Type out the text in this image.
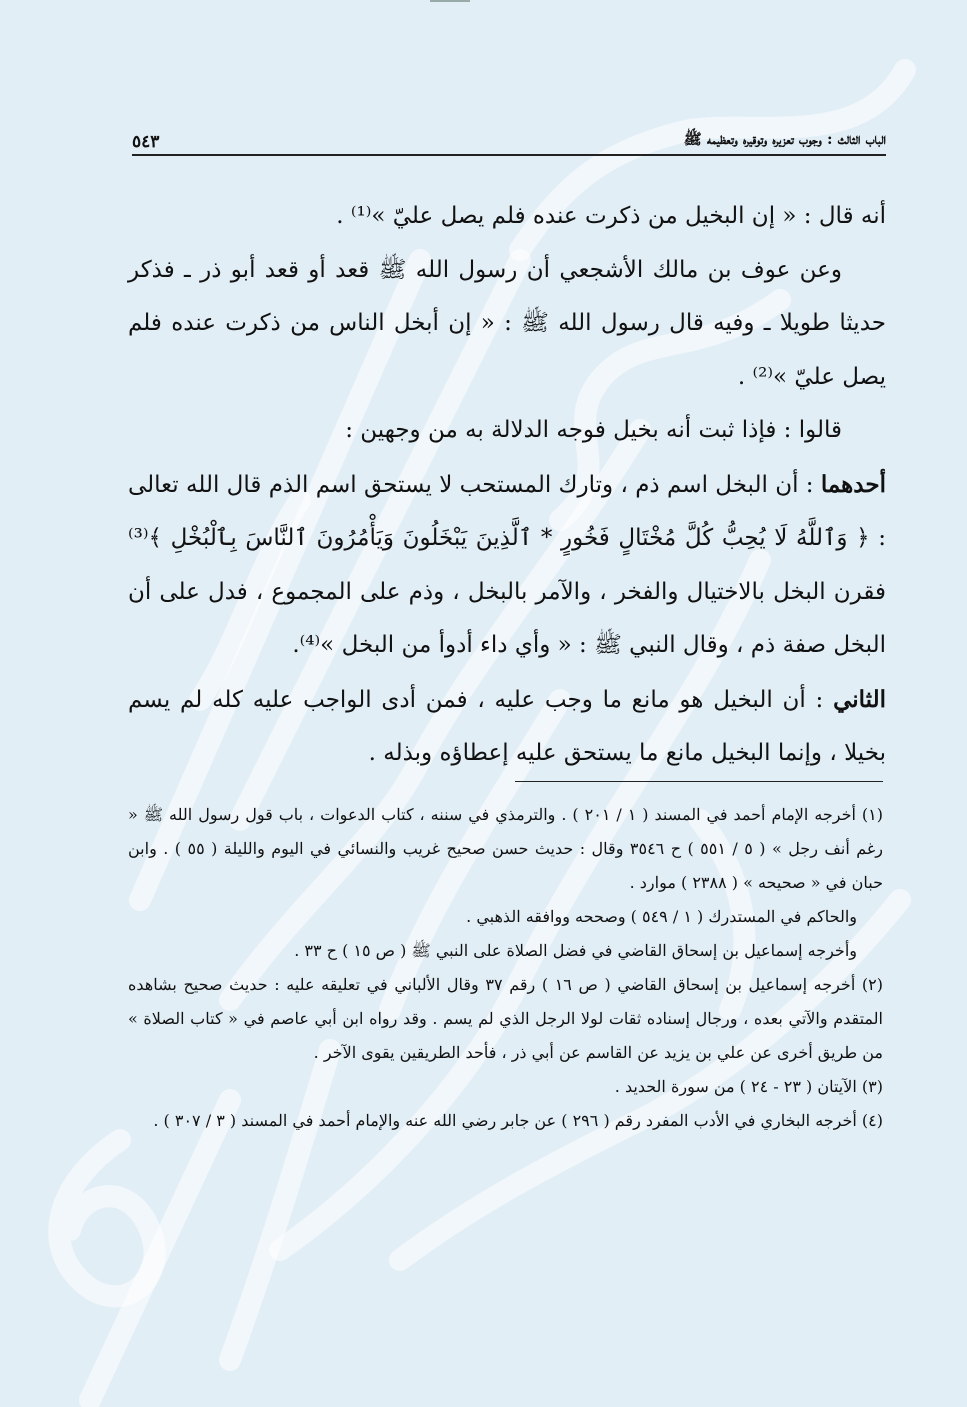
الباب الثالث : وجوب تعزيره وتوقيره وتعظيمه ﷺ
٥٤٣

أنه قال : « إن البخيل من ذكرت عنده فلم يصل عليّ »⁽¹⁾ .

وعن عوف بن مالك الأشجعي أن رسول الله ﷺ قعد أو قعد أبو ذر ـ فذكر حديثا طويلا ـ وفيه قال رسول الله ﷺ : « إن أبخل الناس من ذكرت عنده فلم يصل عليّ »⁽²⁾ .

قالوا : فإذا ثبت أنه بخيل فوجه الدلالة به من وجهين :

أحدهما : أن البخل اسم ذم ، وتارك المستحب لا يستحق اسم الذم قال الله تعالى : ﴿ وَٱللَّهُ لَا يُحِبُّ كُلَّ مُخْتَالٍ فَخُورٍ * ٱلَّذِينَ يَبْخَلُونَ وَيَأْمُرُونَ ٱلنَّاسَ بِٱلْبُخْلِ ﴾⁽³⁾فقرن البخل بالاختيال والفخر ، والآمر بالبخل ، وذم على المجموع ، فدل على أن البخل صفة ذم ، وقال النبي ﷺ : « وأي داء أدوأ من البخل »⁽⁴⁾.

الثاني : أن البخيل هو مانع ما وجب عليه ، فمن أدى الواجب عليه كله لم يسم بخيلا ، وإنما البخيل مانع ما يستحق عليه إعطاؤه وبذله .

(١) أخرجه الإمام أحمد في المسند ( ١ / ٢٠١ ) . والترمذي في سننه ، كتاب الدعوات ، باب قول رسول الله ﷺ « رغم أنف رجل » ( ٥ / ٥٥١ ) ح ٣٥٤٦ وقال : حديث حسن صحيح غريب والنسائي في اليوم والليلة ( ٥٥ ) . وابن حبان في « صحيحه » ( ٢٣٨٨ ) موارد .

والحاكم في المستدرك ( ١ / ٥٤٩ ) وصححه ووافقه الذهبي .

وأخرجه إسماعيل بن إسحاق القاضي في فضل الصلاة على النبي ﷺ ( ص ١٥ ) ح ٣٣ .

(٢) أخرجه إسماعيل بن إسحاق القاضي ( ص ١٦ ) رقم ٣٧ وقال الألباني في تعليقه عليه : حديث صحيح بشاهده المتقدم والآتي بعده ، ورجال إسناده ثقات لولا الرجل الذي لم يسم . وقد رواه ابن أبي عاصم في « كتاب الصلاة » من طريق أخرى عن علي بن يزيد عن القاسم عن أبي ذر ، فأحد الطريقين يقوى الآخر .

(٣) الآيتان ( ٢٣ - ٢٤ ) من سورة الحديد .

(٤) أخرجه البخاري في الأدب المفرد رقم ( ٢٩٦ ) عن جابر رضي الله عنه والإمام أحمد في المسند ( ٣ / ٣٠٧ ) .
